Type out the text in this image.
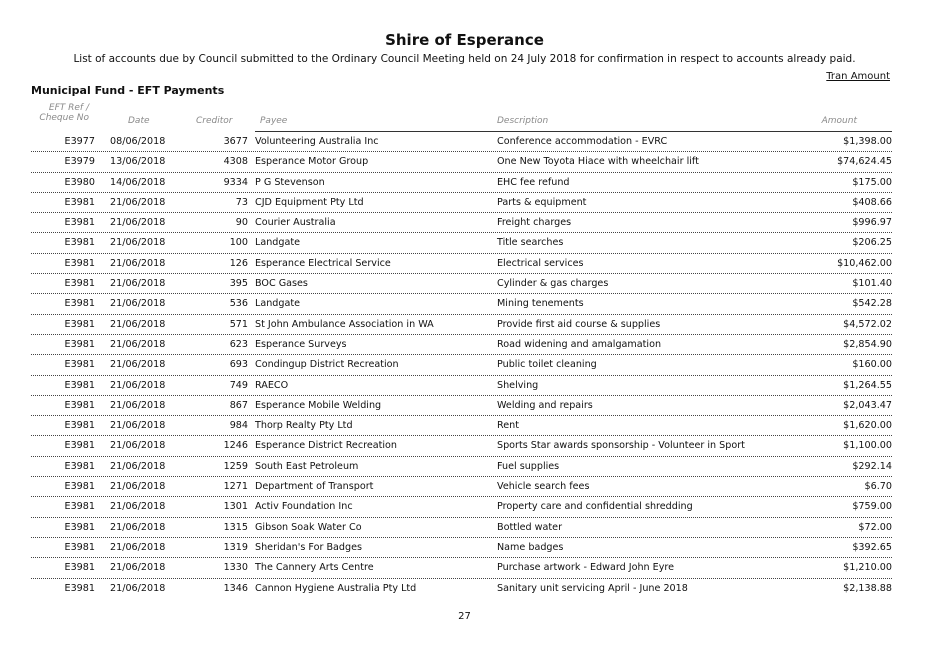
Shire of Esperance
List of accounts due by Council submitted to the Ordinary Council Meeting held on 24 July 2018 for confirmation in respect to accounts already paid.
Tran Amount
Municipal Fund - EFT Payments
EFT Ref / Cheque No	Date	Creditor	Payee	Description	Amount
E3977 08/06/2018	3677 Volunteering Australia Inc	Conference accommodation - EVRC	$1,398.00
E3979 13/06/2018	4308 Esperance Motor Group	One New Toyota Hiace with wheelchair lift	$74,624.45
E3980 14/06/2018	9334 P G Stevenson	EHC fee refund	$175.00
E3981 21/06/2018	73 CJD Equipment Pty Ltd	Parts & equipment	$408.66
E3981 21/06/2018	90 Courier Australia	Freight charges	$996.97
E3981 21/06/2018	100 Landgate	Title searches	$206.25
E3981 21/06/2018	126 Esperance Electrical Service	Electrical services	$10,462.00
E3981 21/06/2018	395 BOC Gases	Cylinder & gas charges	$101.40
E3981 21/06/2018	536 Landgate	Mining tenements	$542.28
E3981 21/06/2018	571 St John Ambulance Association in WA	Provide first aid course & supplies	$4,572.02
E3981 21/06/2018	623 Esperance Surveys	Road widening and amalgamation	$2,854.90
E3981 21/06/2018	693 Condingup District Recreation	Public toilet cleaning	$160.00
E3981 21/06/2018	749 RAECO	Shelving	$1,264.55
E3981 21/06/2018	867 Esperance Mobile Welding	Welding and repairs	$2,043.47
E3981 21/06/2018	984 Thorp Realty Pty Ltd	Rent	$1,620.00
E3981 21/06/2018	1246 Esperance District Recreation	Sports Star awards sponsorship - Volunteer in Sport	$1,100.00
E3981 21/06/2018	1259 South East Petroleum	Fuel supplies	$292.14
E3981 21/06/2018	1271 Department of Transport	Vehicle search fees	$6.70
E3981 21/06/2018	1301 Activ Foundation Inc	Property care and confidential shredding	$759.00
E3981 21/06/2018	1315 Gibson Soak Water Co	Bottled water	$72.00
E3981 21/06/2018	1319 Sheridan's For Badges	Name badges	$392.65
E3981 21/06/2018	1330 The Cannery Arts Centre	Purchase artwork - Edward John Eyre	$1,210.00
E3981 21/06/2018	1346 Cannon Hygiene Australia Pty Ltd	Sanitary unit servicing April - June 2018	$2,138.88
27
